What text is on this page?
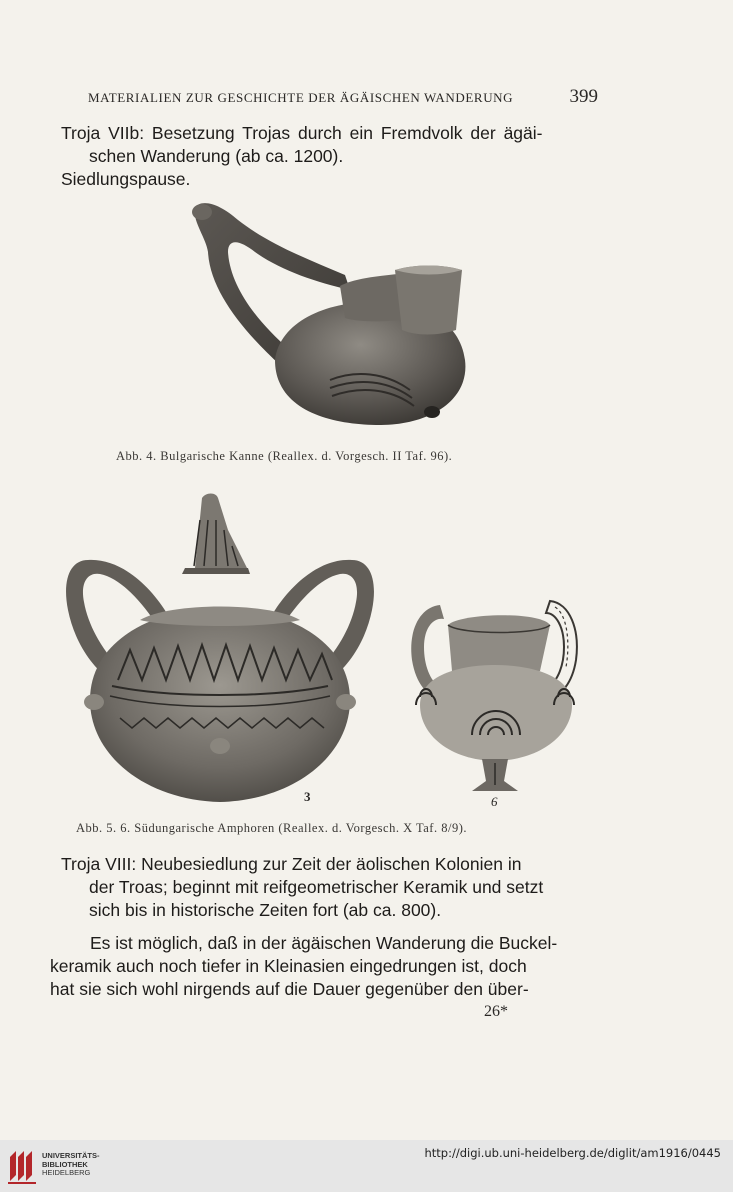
MATERIALIEN ZUR GESCHICHTE DER ÄGÄISCHEN WANDERUNG	399
Troja VIIb: Besetzung Trojas durch ein Fremdvolk der ägäi-
schen Wanderung (ab ca. 1200).
Siedlungspause.
Abb. 4. Bulgarische Kanne (Reallex. d. Vorgesch. II Taf. 96).
3	6
Abb. 5. 6. Südungarische Amphoren (Reallex. d. Vorgesch. X Taf. 8/9).
Troja VIII: Neubesiedlung zur Zeit der äolischen Kolonien in
der Troas; beginnt mit reifgeometrischer Keramik und setzt
sich bis in historische Zeiten fort (ab ca. 800).
Es ist möglich, daß in der ägäischen Wanderung die Buckel-
keramik auch noch tiefer in Kleinasien eingedrungen ist, doch
hat sie sich wohl nirgends auf die Dauer gegenüber den über-
26*
UNIVERSITÄTS-
BIBLIOTHEK
HEIDELBERG
http://digi.ub.uni-heidelberg.de/diglit/am1916/0445
